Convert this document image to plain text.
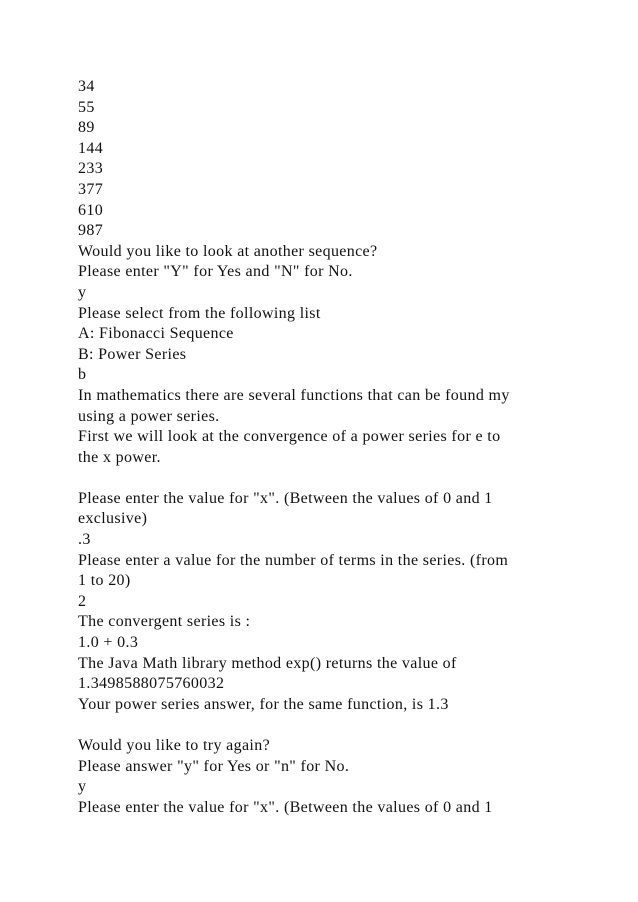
34
55
89
144
233
377
610
987
Would you like to look at another sequence?
Please enter "Y" for Yes and "N" for No.
y
Please select from the following list
A: Fibonacci Sequence
B: Power Series
b
In mathematics there are several functions that can be found my
using a power series.
First we will look at the convergence of a power series for e to
the x power.
Please enter the value for "x". (Between the values of 0 and 1
exclusive)
.3
Please enter a value for the number of terms in the series. (from
1 to 20)
2
The convergent series is :
1.0 + 0.3
The Java Math library method exp() returns the value of
1.3498588075760032
Your power series answer, for the same function, is 1.3
Would you like to try again?
Please answer "y" for Yes or "n" for No.
y
Please enter the value for "x". (Between the values of 0 and 1
